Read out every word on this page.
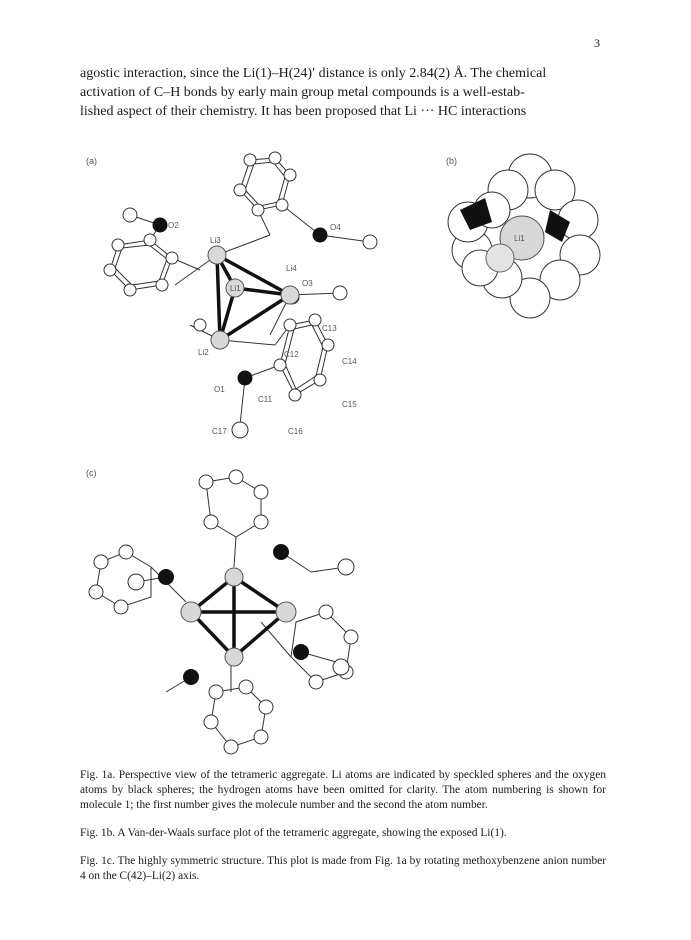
3
agostic interaction, since the Li(1)–H(24)′ distance is only 2.84(2) Å. The chemical
activation of C–H bonds by early main group metal compounds is a well-estab-
lished aspect of their chemistry. It has been proposed that Li ··· HC interactions
(a)
O2
Li3
O4
Li4
Li1
O3
C13
Li2	C12
C14
O1
C11
C15
C17	C16
(b)
Li1
(c)

Fig. 1a. Perspective view of the tetrameric aggregate. Li atoms are indicated by speckled spheres and the oxygen atoms by black spheres; the hydrogen atoms have been omitted for clarity. The atom numbering is shown for molecule 1; the first number gives the molecule number and the second the atom number.

Fig. 1b. A Van-der-Waals surface plot of the tetrameric aggregate, showing the exposed Li(1).

Fig. 1c. The highly symmetric structure. This plot is made from Fig. 1a by rotating methoxybenzene anion number 4 on the C(42)–Li(2) axis.
